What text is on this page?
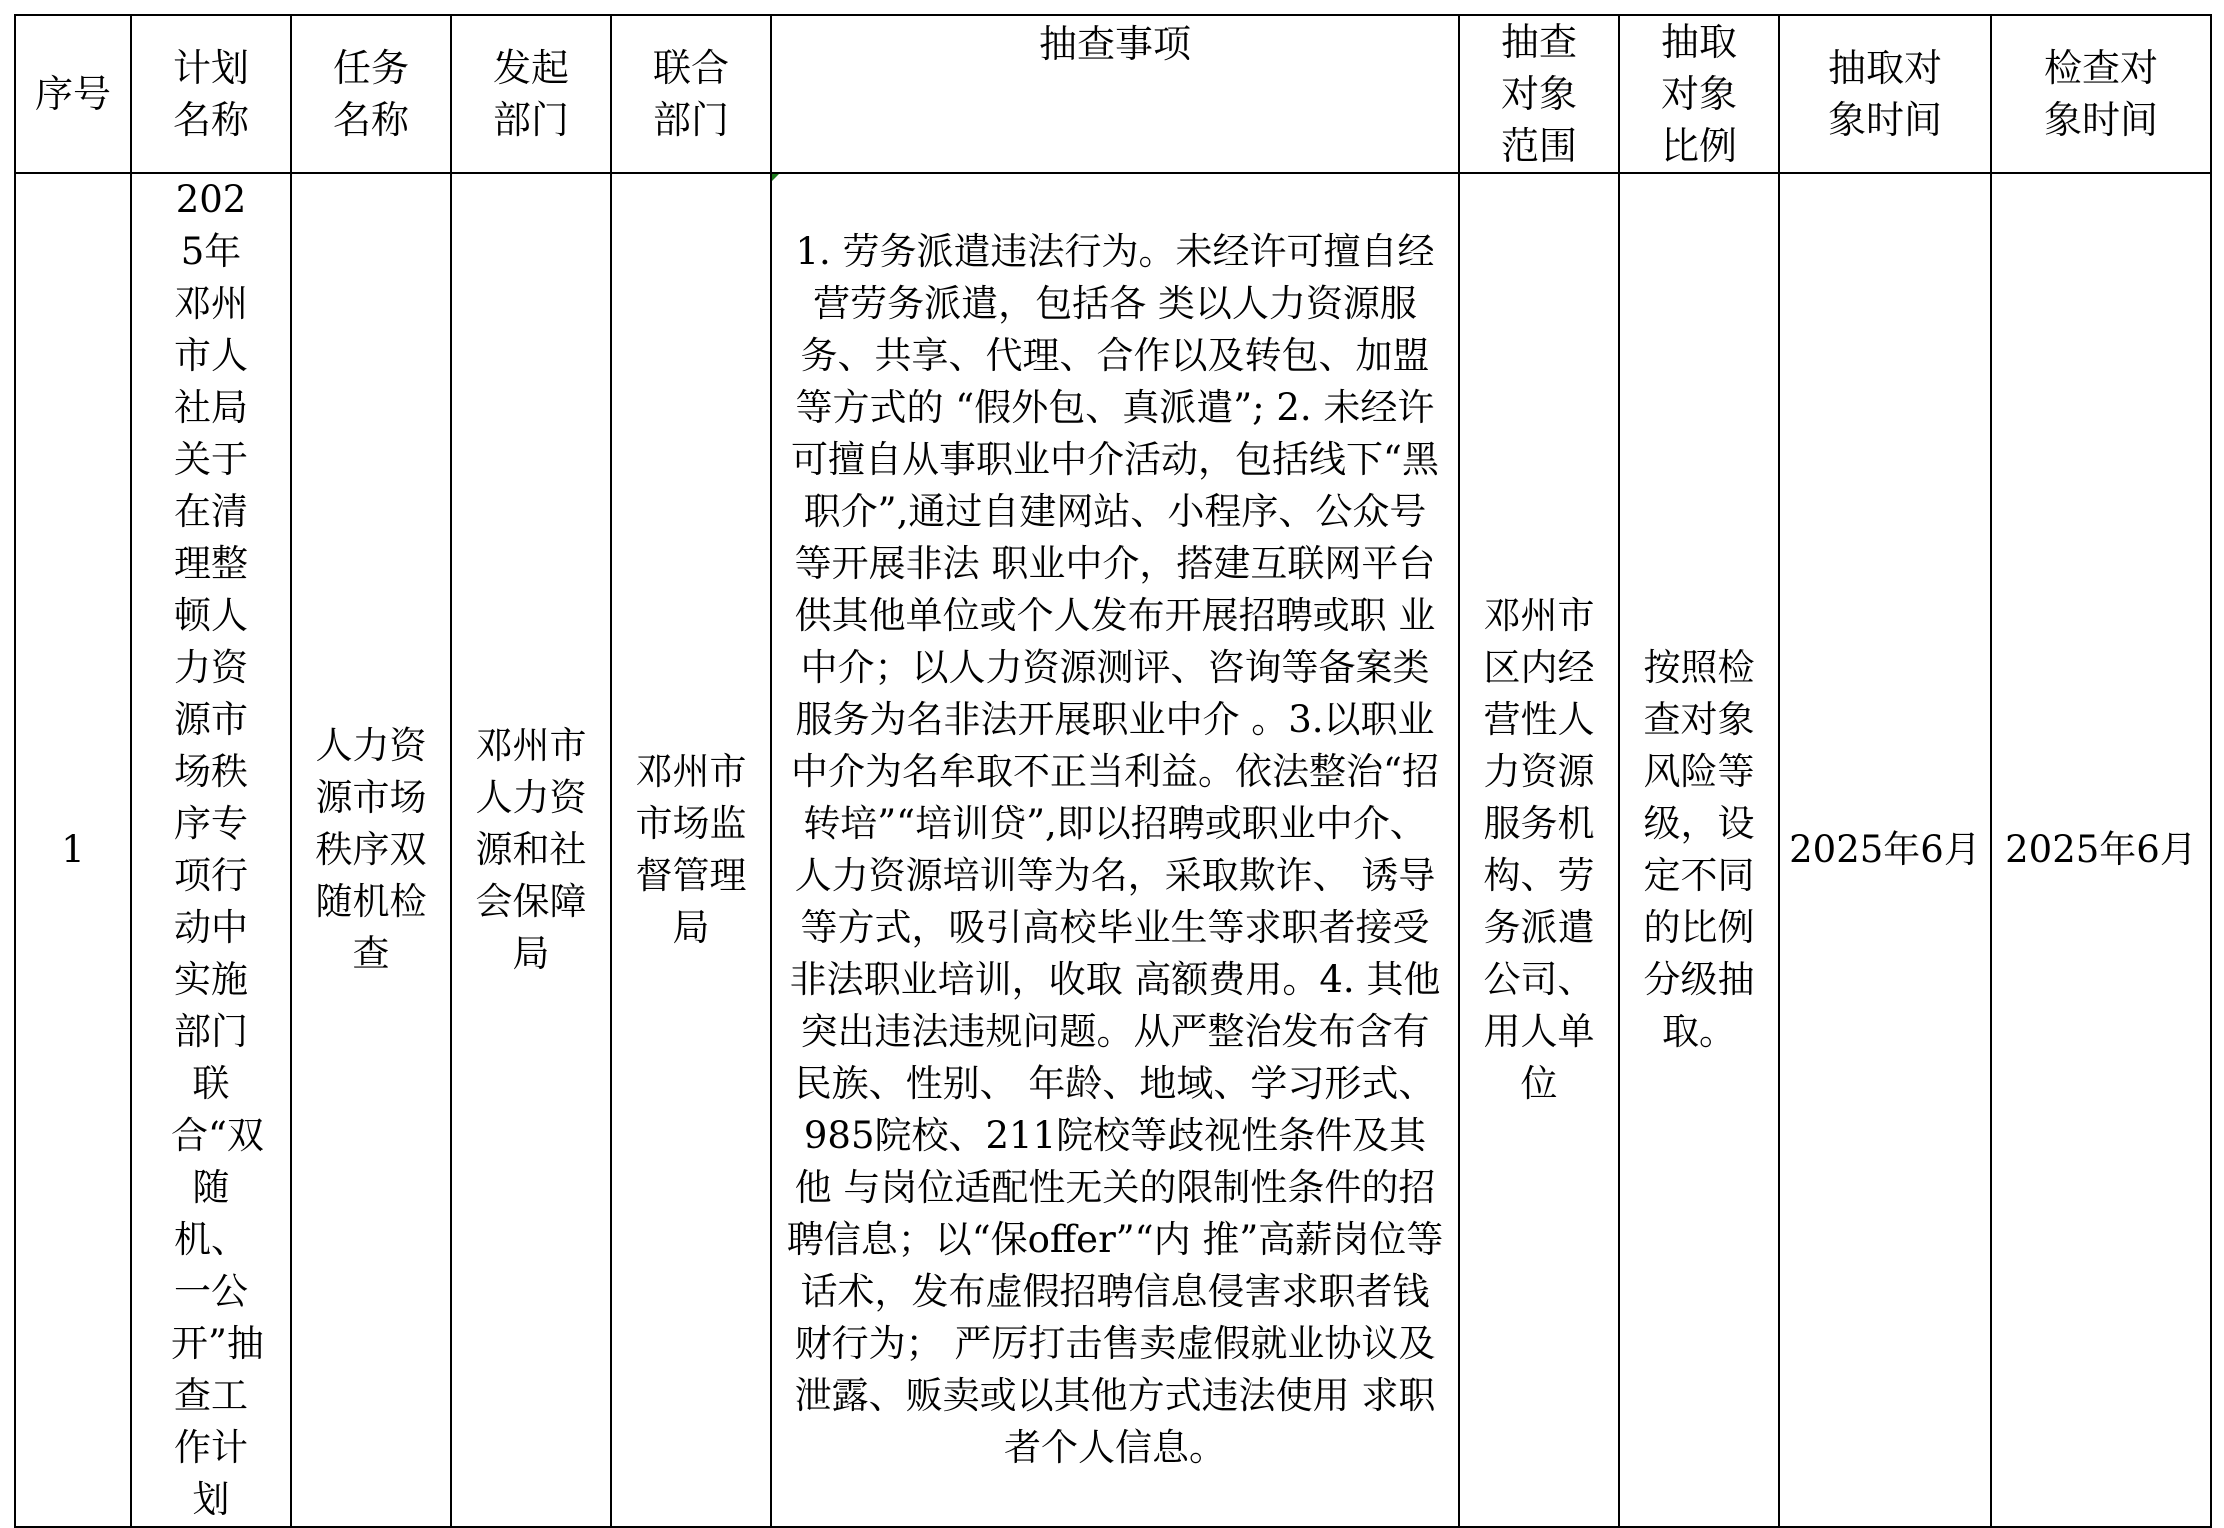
序号	计划名称	任务名称	发起部门	联合部门	抽查事项	抽查对象范围	抽取对象比例	抽取对象时间	检查对象时间

1	2025年邓州市人社局关于在清理整顿人力资源市场秩序专项行动中实施部门联合“双随机、一公开”抽查工作计划	人力资源市场秩序双随机检查	邓州市人力资源和社会保障局	邓州市市场监督管理局	1. 劳务派遣违法行为。未经许可擅自经营劳务派遣，包括各 类以人力资源服务、共享、代理、合作以及转包、加盟等方式的 “假外包、真派遣”; 2. 未经许可擅自从事职业中介活动，包括线下“黑职介”,通过自建网站、小程序、公众号等开展非法 职业中介，搭建互联网平台供其他单位或个人发布开展招聘或职 业中介；以人力资源测评、咨询等备案类服务为名非法开展职业中介 。3.以职业中介为名牟取不正当利益。依法整治“招转培”“培训贷”,即以招聘或职业中介、人力资源培训等为名，采取欺诈、 诱导等方式，吸引高校毕业生等求职者接受非法职业培训，收取 高额费用。4. 其他突出违法违规问题。从严整治发布含有民族、性别、 年龄、地域、学习形式、985院校、211院校等歧视性条件及其他 与岗位适配性无关的限制性条件的招聘信息；以“保offer”“内 推”高薪岗位等话术，发布虚假招聘信息侵害求职者钱财行为； 严厉打击售卖虚假就业协议及泄露、贩卖或以其他方式违法使用 求职者个人信息。	邓州市区内经营性人力资源服务机构、劳务派遣公司、用人单位	按照检查对象风险等级，设定不同的比例分级抽取。	2025年6月	2025年6月
